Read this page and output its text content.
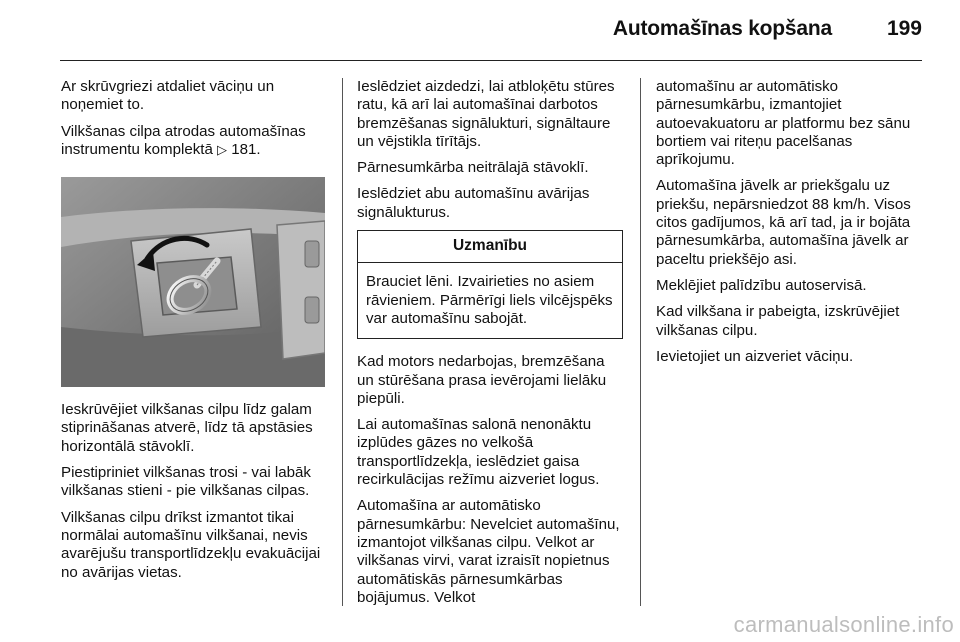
Automašīnas kopšana	199

Ar skrūvgriezi atdaliet vāciņu un noņemiet to.

Vilkšanas cilpa atrodas automašīnas instrumentu komplektā ▷ 181.

Ieskrūvējiet vilkšanas cilpu līdz galam stiprināšanas atverē, līdz tā apstāsies horizontālā stāvoklī.

Piestipriniet vilkšanas trosi - vai labāk vilkšanas stieni - pie vilkšanas cilpas.

Vilkšanas cilpu drīkst izmantot tikai normālai automašīnu vilkšanai, nevis avarējušu transportlīdzekļu evakuācijai no avārijas vietas.

Ieslēdziet aizdedzi, lai atbloķētu stūres ratu, kā arī lai automašīnai darbotos bremzēšanas signālukturi, signāltaure un vējstikla tīrītājs.

Pārnesumkārba neitrālajā stāvoklī.

Ieslēdziet abu automašīnu avārijas signālukturus.

Uzmanību
Brauciet lēni. Izvairieties no asiem rāvieniem. Pārmērīgi liels vilcējspēks var automašīnu sabojāt.

Kad motors nedarbojas, bremzēšana un stūrēšana prasa ievērojami lielāku piepūli.

Lai automašīnas salonā nenonāktu izplūdes gāzes no velkošā transportlīdzekļa, ieslēdziet gaisa recirkulācijas režīmu aizveriet logus.

Automašīna ar automātisko pārnesumkārbu: Nevelciet automašīnu, izmantojot vilkšanas cilpu. Velkot ar vilkšanas virvi, varat izraisīt nopietnus automātiskās pārnesumkārbas bojājumus. Velkot

automašīnu ar automātisko pārnesumkārbu, izmantojiet autoevakuatoru ar platformu bez sānu bortiem vai riteņu pacelšanas aprīkojumu.

Automašīna jāvelk ar priekšgalu uz priekšu, nepārsniedzot 88 km/h. Visos citos gadījumos, kā arī tad, ja ir bojāta pārnesumkārba, automašīna jāvelk ar paceltu priekšējo asi.

Meklējiet palīdzību autoservisā.

Kad vilkšana ir pabeigta, izskrūvējiet vilkšanas cilpu.

Ievietojiet un aizveriet vāciņu.

carmanualsonline.info
